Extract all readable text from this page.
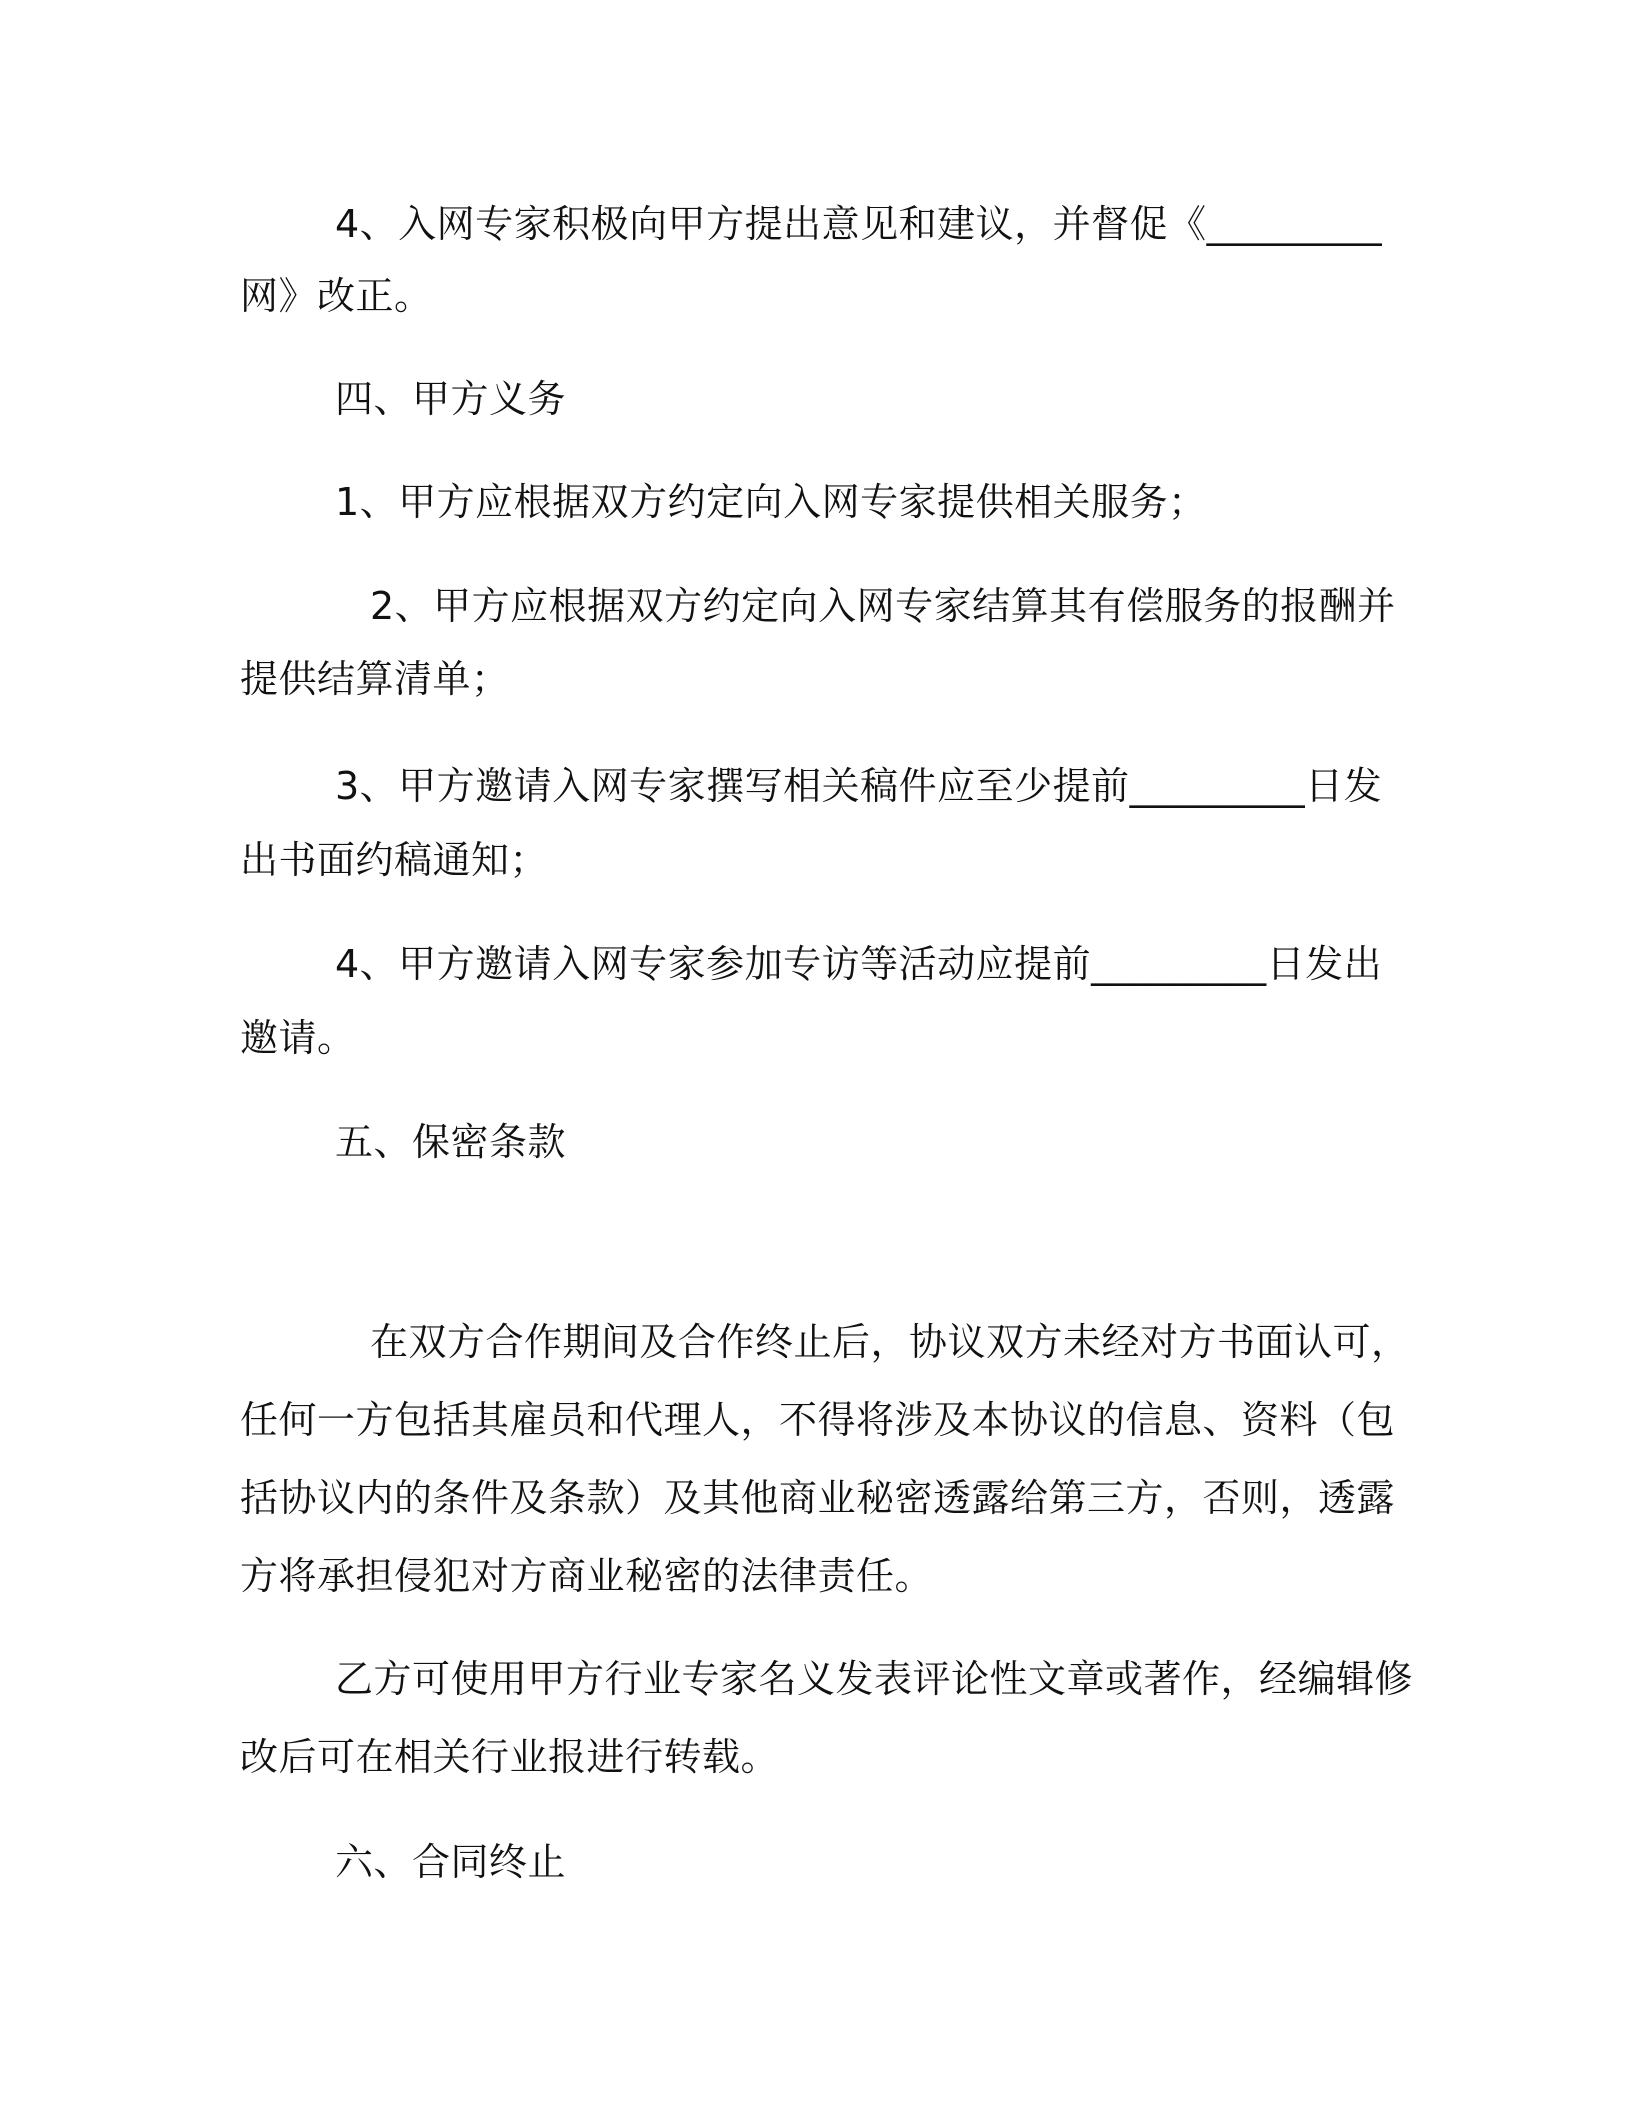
4、入网专家积极向甲方提出意见和建议，并督促《_________

网》改正。

四、甲方义务

1、甲方应根据双方约定向入网专家提供相关服务；

2、甲方应根据双方约定向入网专家结算其有偿服务的报酬并

提供结算清单；

3、甲方邀请入网专家撰写相关稿件应至少提前_________日发

出书面约稿通知；

4、甲方邀请入网专家参加专访等活动应提前_________日发出

邀请。

五、保密条款

在双方合作期间及合作终止后，协议双方未经对方书面认可，

任何一方包括其雇员和代理人，不得将涉及本协议的信息、资料（包

括协议内的条件及条款）及其他商业秘密透露给第三方，否则，透露

方将承担侵犯对方商业秘密的法律责任。

乙方可使用甲方行业专家名义发表评论性文章或著作，经编辑修

改后可在相关行业报进行转载。

六、合同终止
